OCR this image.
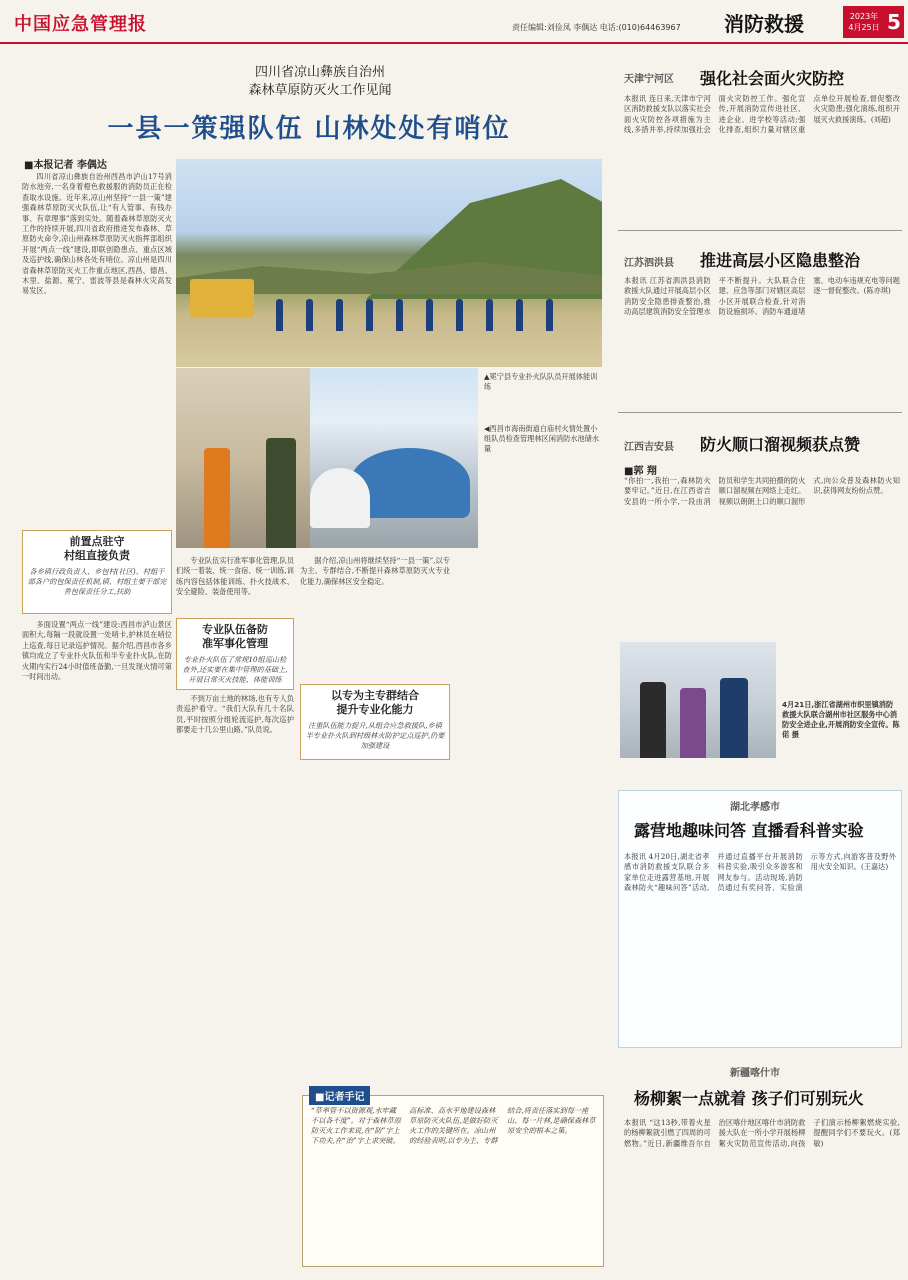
中国应急管理报	责任编辑:刘俭凤 李偶达 电话:(010)64463967 消防救援	2023年
4月25日 5
四川省凉山彝族自治州
森林草原防灭火工作见闻
一县一策强队伍 山林处处有哨位
■本报记者 李偶达

四川省凉山彝族自治州西昌市泸山17号消防水池旁,一名身着橙色救援服的消防员正在检查取水设施。近年来,凉山州坚持“一县一策”建强森林草原防灭火队伍,让“有人管事、有钱办事、有章理事”落到实处。随着森林草原防灭火工作的持续开展,四川省政府推进发布森林、草原防火命令,凉山州森林草原防灭火指挥部组织开展“两点一线”建设,即联创隐患点、重点区域及巡护线,确保山林各处有哨位。凉山州是四川省森林草原防灭火工作重点地区,西昌、德昌、木里、盐源、冕宁、雷波等县是森林火灾高发易发区。

▲冕宁县专业扑火队队员开展体能训练
◀西昌市海南街道白庙村火情处置小组队员检查管理林区闲消防水池储水量
前置点驻守
村组直接负责
各乡镇行政负责人、乡包村(社区)、村组干部各户的包保责任机制,镇、村组主要干部完善包保责任分工,扶助

多面设置“两点一线”建设:西昌市泸山景区面积大,每隔一段就设置一处哨卡,护林员在哨位上巡查,每日记录巡护情况。据介绍,西昌市各乡镇均成立了专业扑火队伍和半专业扑火队,在防火期内实行24小时值班备勤,一旦发现火情可第一时间出动。

专业队伍实行准军事化管理,队员们统一着装、统一食宿、统一训练,训练内容包括体能训练、扑火技战术、安全避险、装备使用等。

专业队伍备防
准军事化管理
专业扑火队伍了常规10组巡山检查外,还实要在集中管理的基础上,开展日常灭火技能、体能训练

不到万亩土地的林场,也有专人负责巡护看守。“我们大队有几十名队员,平时按照分组轮流巡护,每次巡护都要走十几公里山路。”队员说。

据介绍,凉山州将继续坚持“一县一策”,以专为主、专群结合,不断提升森林草原防灭火专业化能力,确保林区安全稳定。

以专为主专群结合
提升专业化能力
注重队伍能力提升,从组合应急救援队,乡镇半专业扑火队到村级林火防护定点巡护,仍要加强建设
■记者手记
“草率管不以资源观,水牢藏不以各不度”。对于森林草原防灭火工作来说,在“防”字上下功夫,在“治”字上求突破。高标准、高水平地建设森林草原防灭火队伍,是做好防灭火工作的关键所在。凉山州的经验表明,以专为主、专群结合,将责任落实到每一座山、每一片林,是确保森林草原安全的根本之策。
天津宁河区 强化社会面火灾防控
本报讯 连日来,天津市宁河区消防救援支队以落实社会面火灾防控各项措施为主线,多措并举,持续加强社会面火灾防控工作。强化宣传,开展消防宣传进社区、进企业、进学校等活动;强化排查,组织力量对辖区重点单位开展检查,督促整改火灾隐患;强化演练,组织开展灭火救援演练。(刘超)
江苏泗洪县 推进高层小区隐患整治
本报讯 江苏省泗洪县消防救援大队通过开展高层小区消防安全隐患排查整治,推动高层建筑消防安全管理水平不断提升。大队联合住建、应急等部门对辖区高层小区开展联合检查,针对消防设施损坏、消防车通道堵塞、电动车违规充电等问题逐一督促整改。(陈亦琪)
江西吉安县 防火顺口溜视频获点赞
■郭 翔
“你拍一,我拍一,森林防火要牢记。”近日,在江西省吉安县的一所小学,一段由消防员和学生共同拍摄的防火顺口溜视频在网络上走红。视频以朗朗上口的顺口溜形式,向公众普及森林防火知识,获得网友纷纷点赞。
4月21日,浙江省湖州市织里镇消防救援大队联合湖州市社区服务中心消防安全进企业,开展消防安全宣传。陈偌 摄
湖北孝感市
露营地趣味问答 直播看科普实验
本报讯 4月20日,湖北省孝感市消防救援支队联合多家单位走进露营基地,开展森林防火“趣味问答”活动,并通过直播平台开展消防科普实验,吸引众多游客和网友参与。活动现场,消防员通过有奖问答、实验演示等方式,向游客普及野外用火安全知识。(王嘉达)
新疆喀什市
杨柳絮一点就着 孩子们可别玩火
本报讯 “这13秒,带着火星的杨柳絮就引燃了四周的可燃物。”近日,新疆维吾尔自治区喀什地区喀什市消防救援大队在一所小学开展杨柳絮火灾防范宣传活动,向孩子们演示杨柳絮燃烧实验,提醒同学们不要玩火。(郑敏)
